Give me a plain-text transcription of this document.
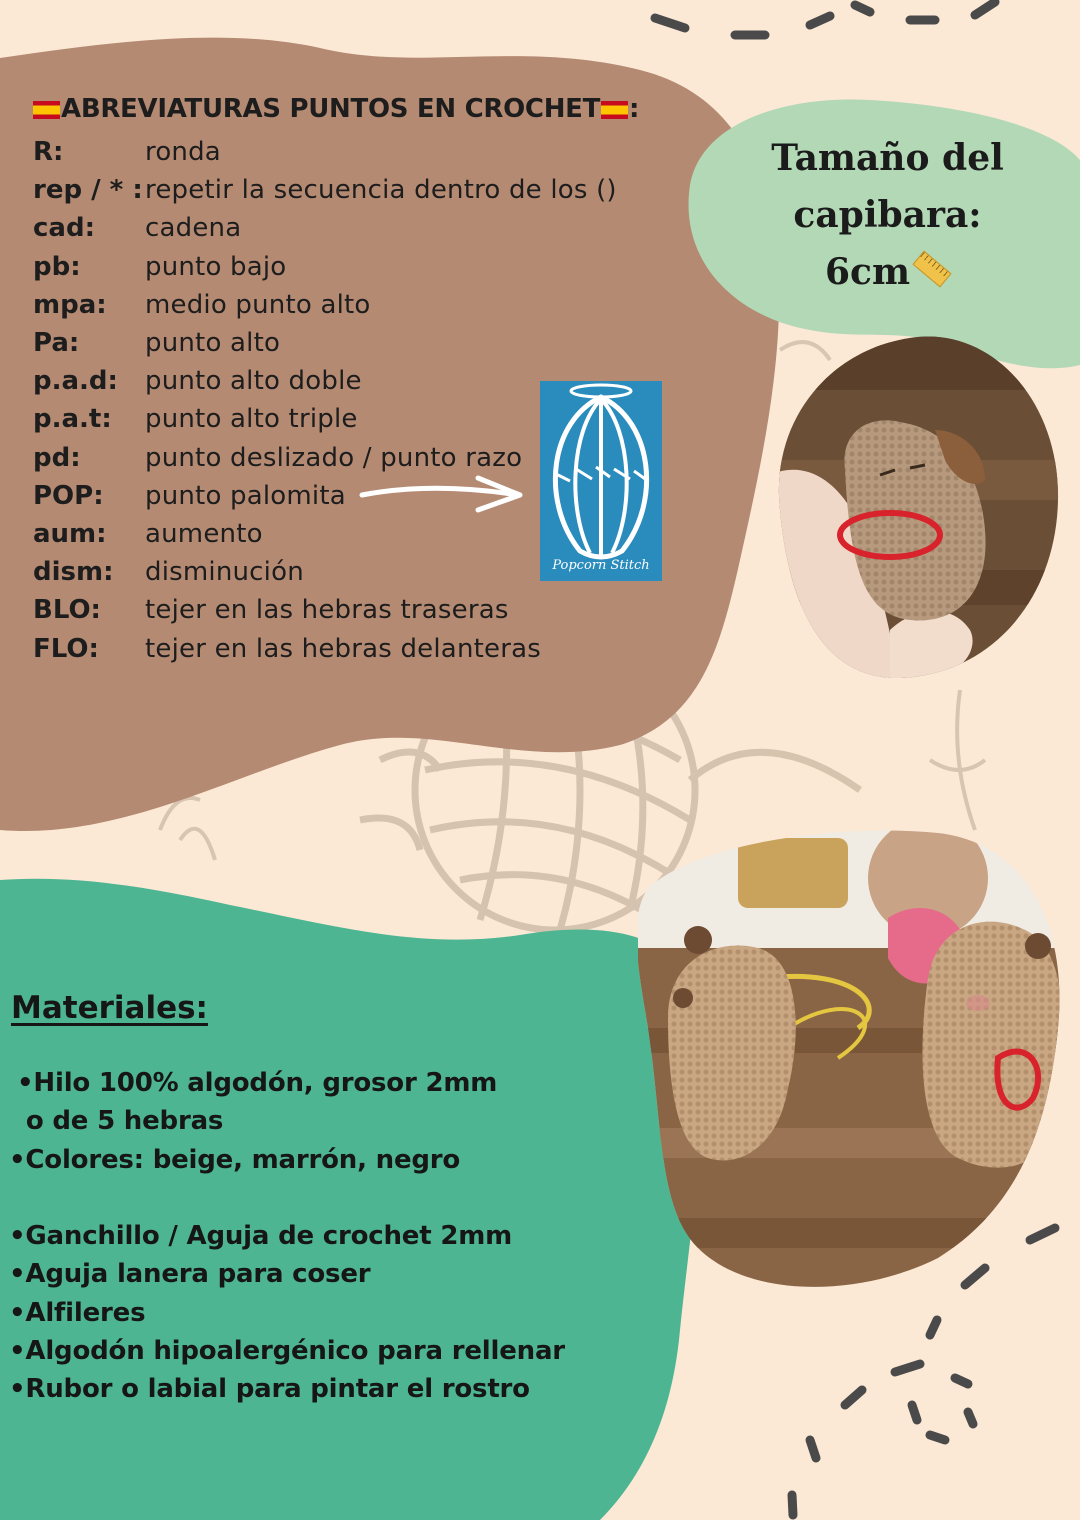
ABREVIATURAS PUNTOS EN CROCHET :
R:	ronda
rep / * : repetir la secuencia dentro de los ()
cad:	cadena
pb:	punto bajo
mpa:	medio punto alto
Pa:	punto alto
p.a.d:	punto alto doble
p.a.t:	punto alto triple
pd:	punto deslizado / punto razo
POP:	punto palomita
aum:	aumento
dism:	disminución
BLO:	tejer en las hebras traseras
FLO:	tejer en las hebras delanteras
Popcorn Stitch
Tamaño del
capibara:
6cm
Materiales:
•Hilo 100% algodón, grosor 2mm
o de 5 hebras
•Colores: beige, marrón, negro
•Ganchillo / Aguja de crochet 2mm
•Aguja lanera para coser
•Alfileres
•Algodón hipoalergénico para rellenar
•Rubor o labial para pintar el rostro
